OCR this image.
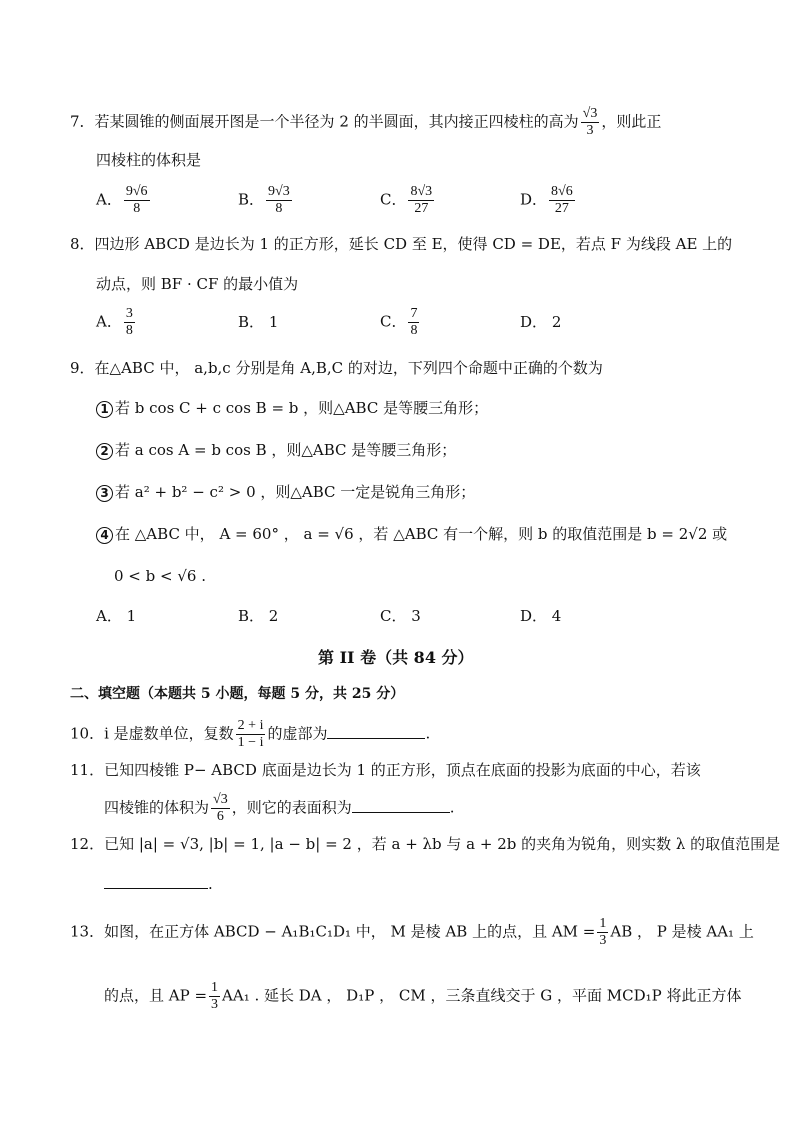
7．若某圆锥的侧面展开图是一个半径为 2 的半圆面，其内接正四棱柱的高为 $\frac{√3}{3}$ ，则此正
四棱柱的体积是
A． $\frac{9√6}{8}$	B． $\frac{9√3}{8}$	C． $\frac{8√3}{27}$	D． $\frac{8√6}{27}$
8．四边形 ABCD 是边长为 1 的正方形，延长 CD 至 E，使得 CD = DE，若点 F 为线段 AE 上的
动点，则 BF · CF 的最小值为
A． $\frac{3}{8}$	B． 1	C． $\frac{7}{8}$	D． 2
9．在△ABC 中， a,b,c 分别是角 A,B,C 的对边，下列四个命题中正确的个数为
1 若 b cos C + c cos B = b ，则△ABC 是等腰三角形；
2 若 a cos A = b cos B ，则△ABC 是等腰三角形；
3 若 a² + b² − c² > 0 ，则△ABC 一定是锐角三角形；
4 在 △ABC 中， A = 60° ， a = √6 ，若 △ABC 有一个解，则 b 的取值范围是 b = 2√2 或
0 < b < √6 .
A． 1	B． 2	C． 3	D． 4
第 II 卷（共 84 分）
二、填空题（本题共 5 小题，每题 5 分，共 25 分）
10．i 是虚数单位，复数 $\frac{2 + i}{1 - i}$ 的虚部为	.
11．已知四棱锥 P− ABCD 底面是边长为 1 的正方形，顶点在底面的投影为底面的中心，若该
四棱锥的体积为 $\frac{√3}{6}$ ，则它的表面积为	.
12．已知 |a| = √3, |b| = 1, |a − b| = 2 ，若 a + λb 与 a + 2b 的夹角为锐角，则实数 λ 的取值范围是
.
13．如图，在正方体 ABCD − A₁B₁C₁D₁ 中， M 是棱 AB 上的点，且 AM = $\frac{1}{3}$ AB ， P 是棱 AA₁ 上
的点，且 AP = $\frac{1}{3} AA_1$ . 延长 DA ， D₁P ， CM ，三条直线交于 G ，平面 MCD₁P 将此正方体
